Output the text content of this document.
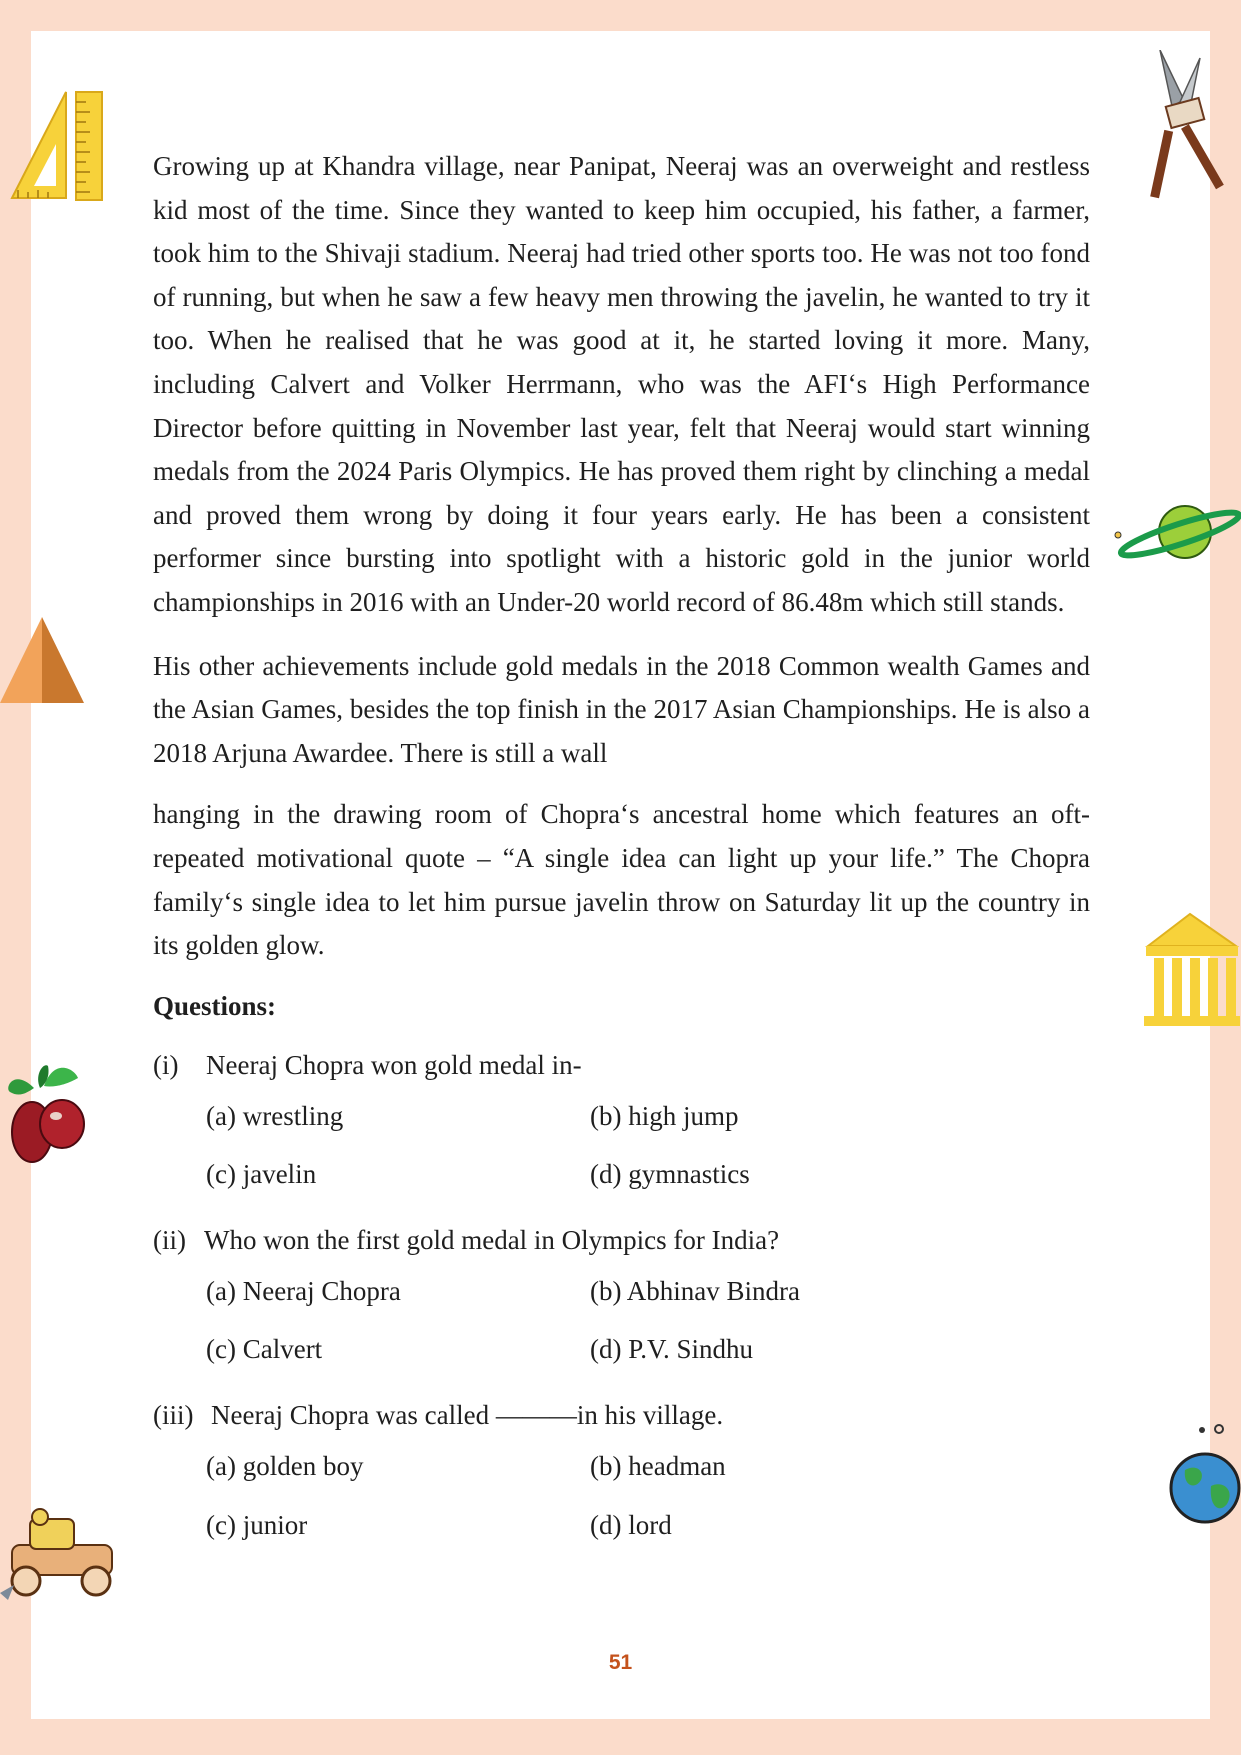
Growing up at Khandra village, near Panipat, Neeraj was an overweight and restless kid most of the time. Since they wanted to keep him occupied, his father, a farmer, took him to the Shivaji stadium. Neeraj had tried other sports too. He was not too fond of running, but when he saw a few heavy men throwing the javelin, he wanted to try it too. When he realised that he was good at it, he started loving it more. Many, including Calvert and Volker Herrmann, who was the AFI‘s High Performance Director before quitting in November last year, felt that Neeraj would start winning medals from the 2024 Paris Olympics. He has proved them right by clinching a medal and proved them wrong by doing it four years early. He has been a consistent performer since bursting into spotlight with a historic gold in the junior world championships in 2016 with an Under-20 world record of 86.48m which still stands.

His other achievements include gold medals in the 2018 Common wealth Games and the Asian Games, besides the top finish in the 2017 Asian Championships. He is also a 2018 Arjuna Awardee. There is still a wall

hanging in the drawing room of Chopra‘s ancestral home which features an oft-repeated motivational quote – “A single idea can light up your life.” The Chopra family‘s single idea to let him pursue javelin throw on Saturday lit up the country in its golden glow.

Questions:
(i)	Neeraj Chopra won gold medal in-
(a) wrestling	(b) high jump
(c) javelin	(d) gymnastics
(ii) Who won the first gold medal in Olympics for India?
(a) Neeraj Chopra	(b) Abhinav Bindra
(c) Calvert	(d) P.V. Sindhu
(iii) Neeraj Chopra was called ———in his village.
(a) golden boy	(b) headman
(c) junior	(d) lord
51
